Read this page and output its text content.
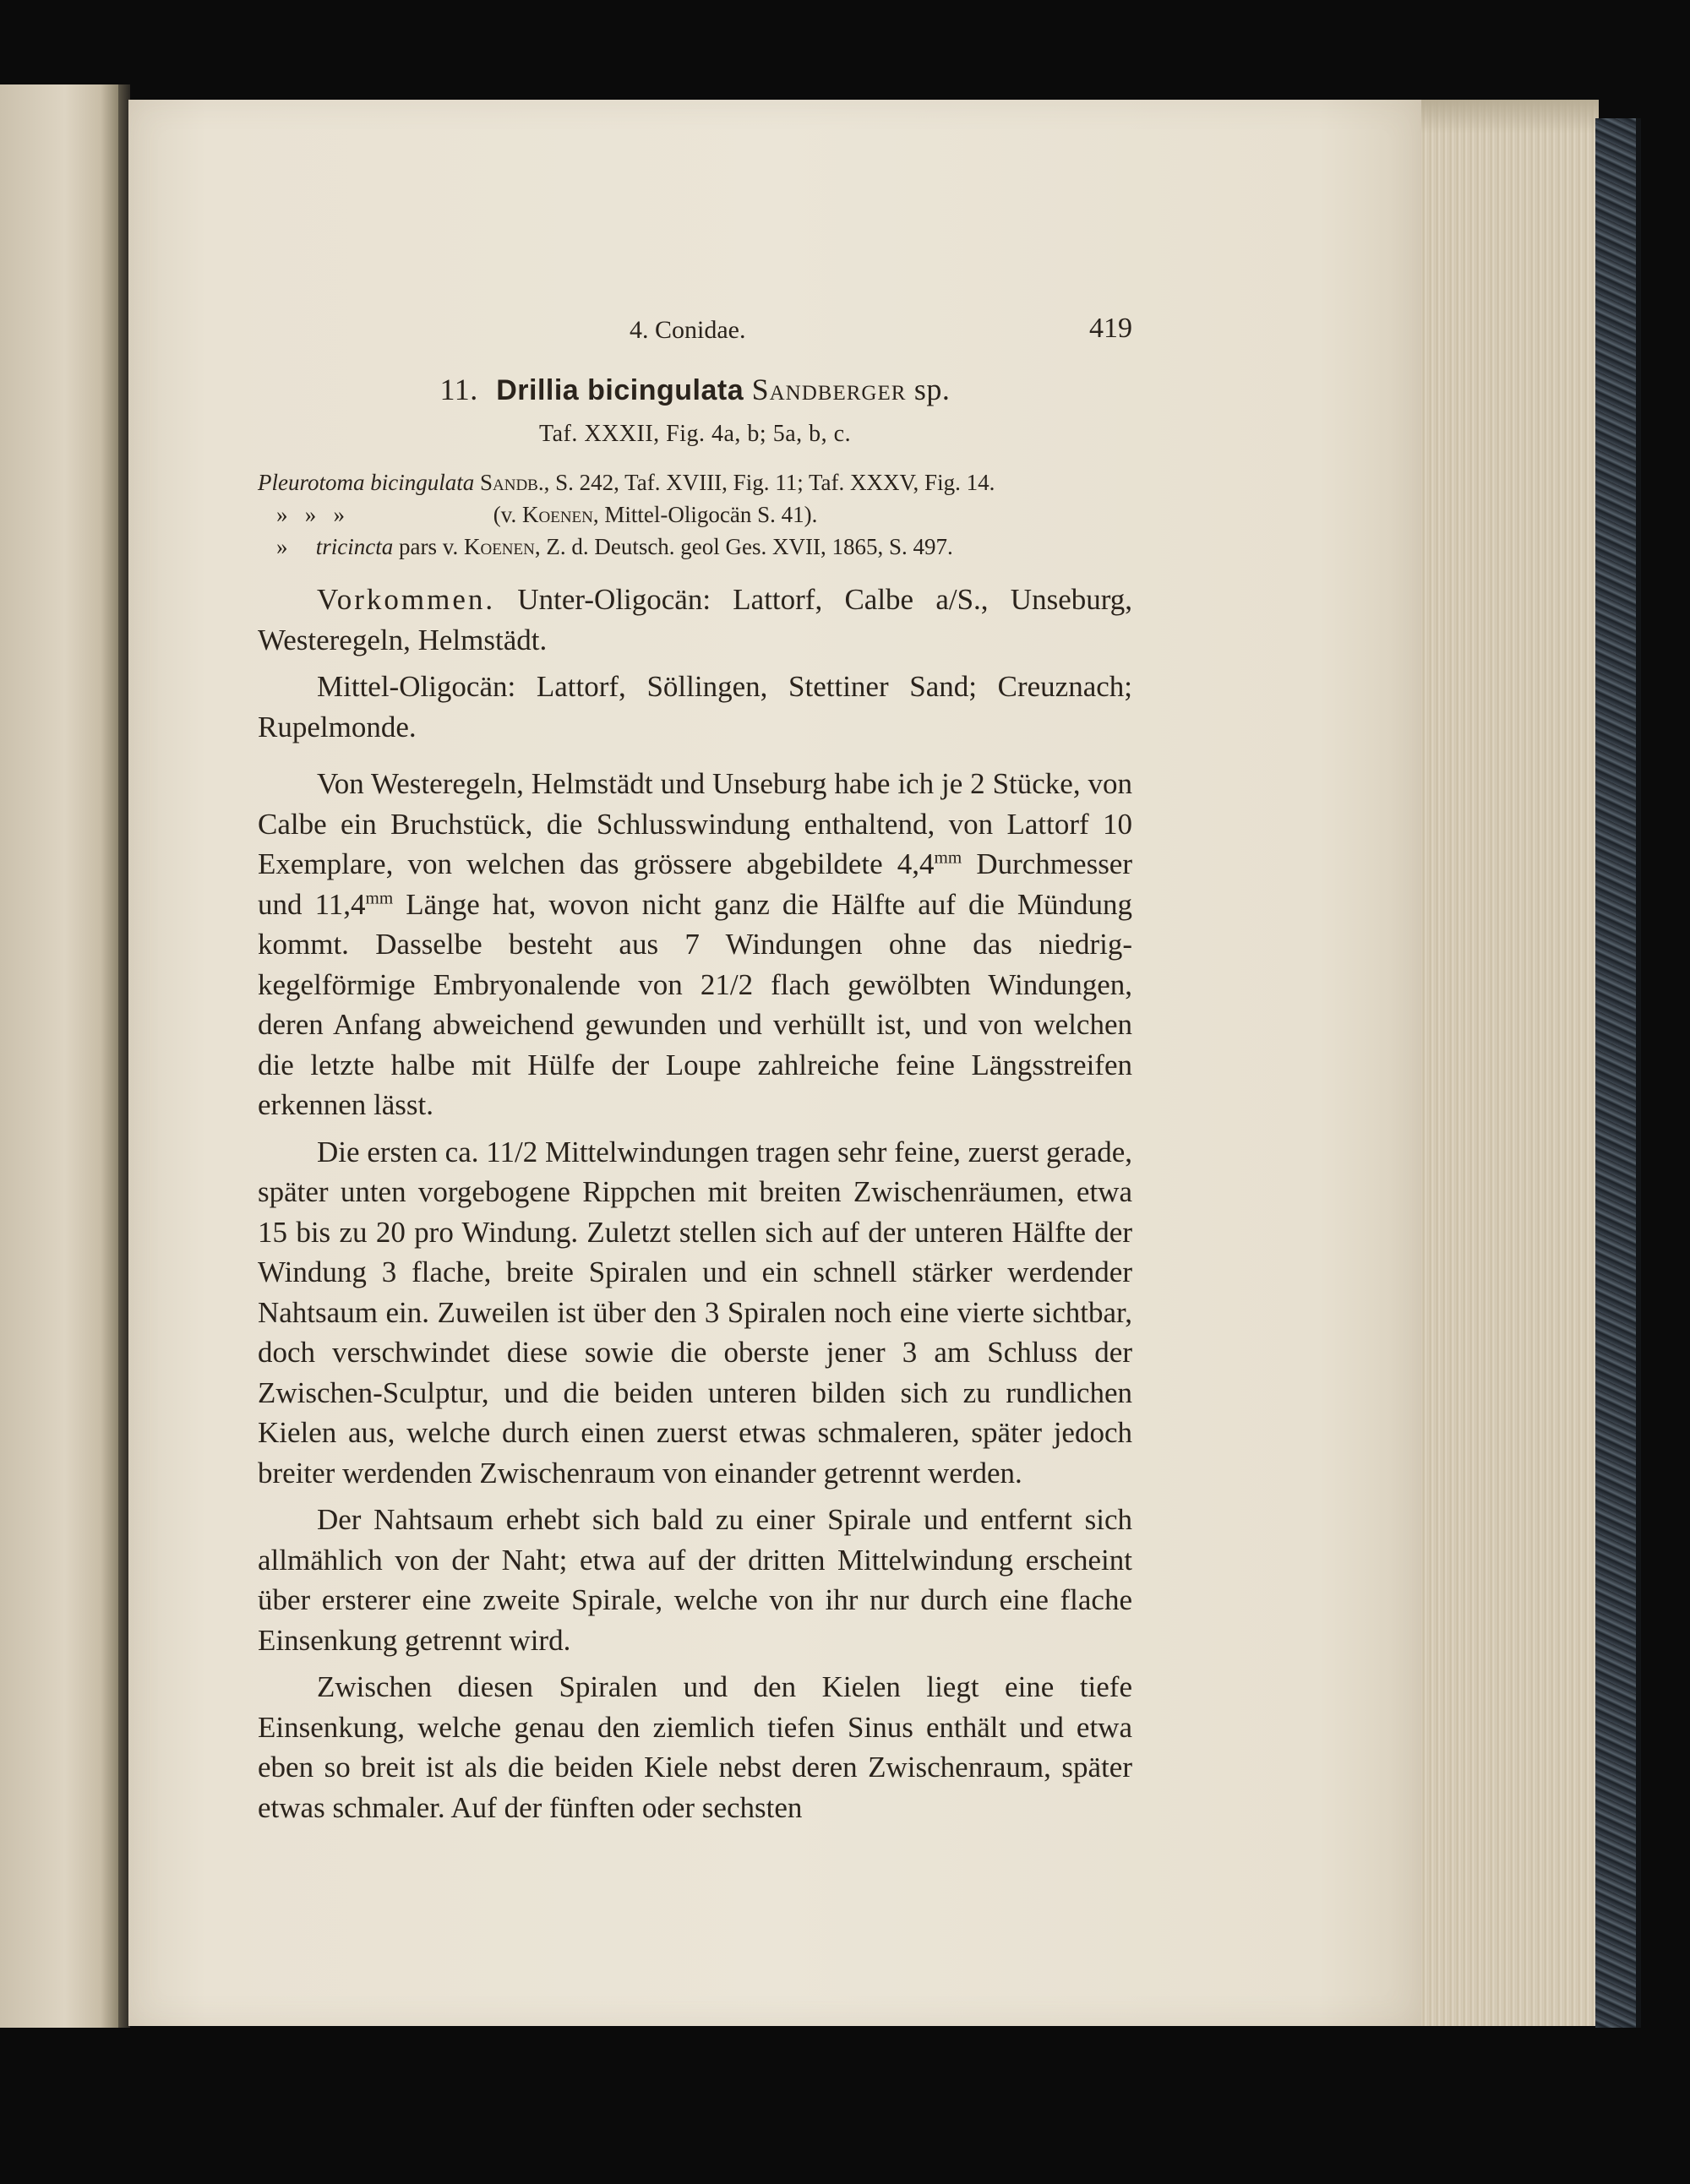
4. Conidae.	419
11. Drillia bicingulata Sandberger sp.
Taf. XXXII, Fig. 4a, b; 5a, b, c.
Pleurotoma bicingulata Sandb., S. 242, Taf. XVIII, Fig. 11; Taf. XXXV, Fig. 14.
»   »   »	(v. Koenen, Mittel-Oligocän S. 41).
» tricincta pars v. Koenen, Z. d. Deutsch. geol Ges. XVII, 1865, S. 497.

Vorkommen. Unter-Oligocän: Lattorf, Calbe a/S., Unseburg, Westeregeln, Helmstädt.

Mittel-Oligocän: Lattorf, Söllingen, Stettiner Sand; Creuznach; Rupelmonde.

Von Westeregeln, Helmstädt und Unseburg habe ich je 2 Stücke, von Calbe ein Bruchstück, die Schlusswindung enthaltend, von Lattorf 10 Exemplare, von welchen das grössere abgebildete $4,4^{mm}$ Durchmesser und $11,4^{mm}$ Länge hat, wovon nicht ganz die Hälfte auf die Mündung kommt. Dasselbe besteht aus 7 Windungen ohne das niedrig-kegelförmige Embryonalende von 21/2 flach gewölbten Windungen, deren Anfang abweichend gewunden und verhüllt ist, und von welchen die letzte halbe mit Hülfe der Loupe zahlreiche feine Längsstreifen erkennen lässt.

Die ersten ca. 11/2 Mittelwindungen tragen sehr feine, zuerst gerade, später unten vorgebogene Rippchen mit breiten Zwischenräumen, etwa 15 bis zu 20 pro Windung. Zuletzt stellen sich auf der unteren Hälfte der Windung 3 flache, breite Spiralen und ein schnell stärker werdender Nahtsaum ein. Zuweilen ist über den 3 Spiralen noch eine vierte sichtbar, doch verschwindet diese sowie die oberste jener 3 am Schluss der Zwischen-Sculptur, und die beiden unteren bilden sich zu rundlichen Kielen aus, welche durch einen zuerst etwas schmaleren, später jedoch breiter werdenden Zwischenraum von einander getrennt werden.

Der Nahtsaum erhebt sich bald zu einer Spirale und entfernt sich allmählich von der Naht; etwa auf der dritten Mittelwindung erscheint über ersterer eine zweite Spirale, welche von ihr nur durch eine flache Einsenkung getrennt wird.

Zwischen diesen Spiralen und den Kielen liegt eine tiefe Einsenkung, welche genau den ziemlich tiefen Sinus enthält und etwa eben so breit ist als die beiden Kiele nebst deren Zwischenraum, später etwas schmaler. Auf der fünften oder sechsten
